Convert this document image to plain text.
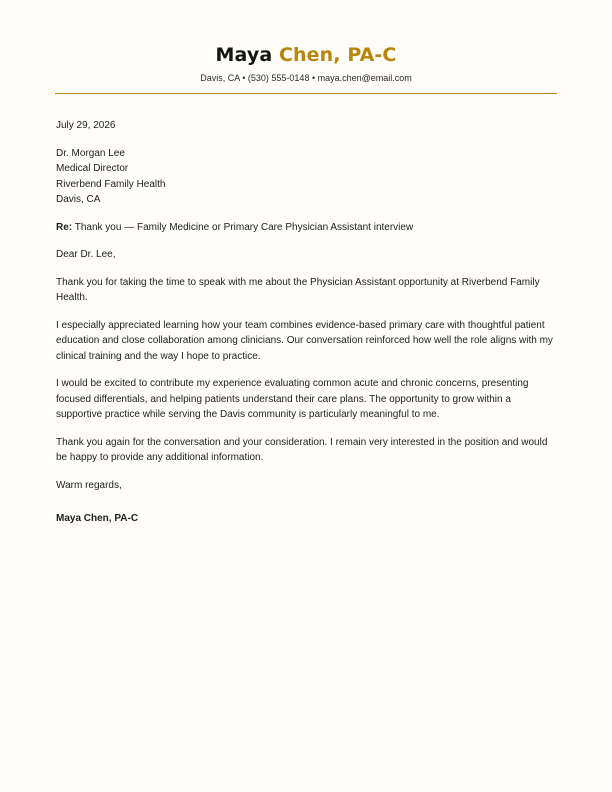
Maya Chen, PA-C
Davis, CA • (530) 555-0148 • maya.chen@email.com
July 29, 2026
Dr. Morgan Lee
Medical Director
Riverbend Family Health
Davis, CA
Re: Thank you — Family Medicine or Primary Care Physician Assistant interview
Dear Dr. Lee,
Thank you for taking the time to speak with me about the Physician Assistant opportunity at Riverbend Family Health.
I especially appreciated learning how your team combines evidence-based primary care with thoughtful patient education and close collaboration among clinicians. Our conversation reinforced how well the role aligns with my clinical training and the way I hope to practice.
I would be excited to contribute my experience evaluating common acute and chronic concerns, presenting focused differentials, and helping patients understand their care plans. The opportunity to grow within a supportive practice while serving the Davis community is particularly meaningful to me.
Thank you again for the conversation and your consideration. I remain very interested in the position and would be happy to provide any additional information.
Warm regards,
Maya Chen, PA-C
